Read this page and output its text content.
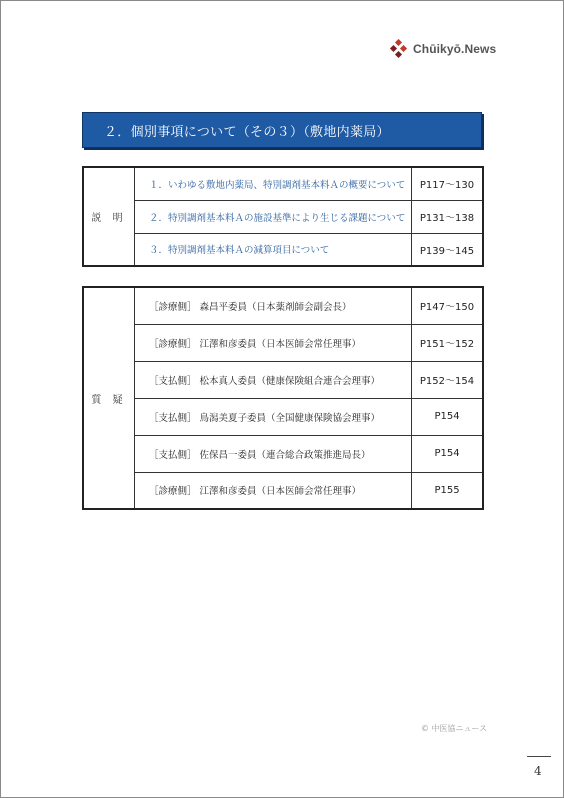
Chūikyō.News
２．個別事項について（その３）（敷地内薬局）
説 明	１．いわゆる敷地内薬局、特別調剤基本料Ａの概要について	P117～130
	２．特別調剤基本料Ａの施設基準により生じる課題について	P131～138
	３．特別調剤基本料Ａの減算項目について	P139～145
質 疑	［診療側］ 森昌平委員（日本薬剤師会副会長）	P147～150
	［診療側］ 江澤和彦委員（日本医師会常任理事）	P151～152
	［支払側］ 松本真人委員（健康保険組合連合会理事）	P152～154
	［支払側］ 鳥潟美夏子委員（全国健康保険協会理事）	P154
	［支払側］ 佐保昌一委員（連合総合政策推進局長）	P154
	［診療側］ 江澤和彦委員（日本医師会常任理事）	P155
© 中医協ニュース
4
